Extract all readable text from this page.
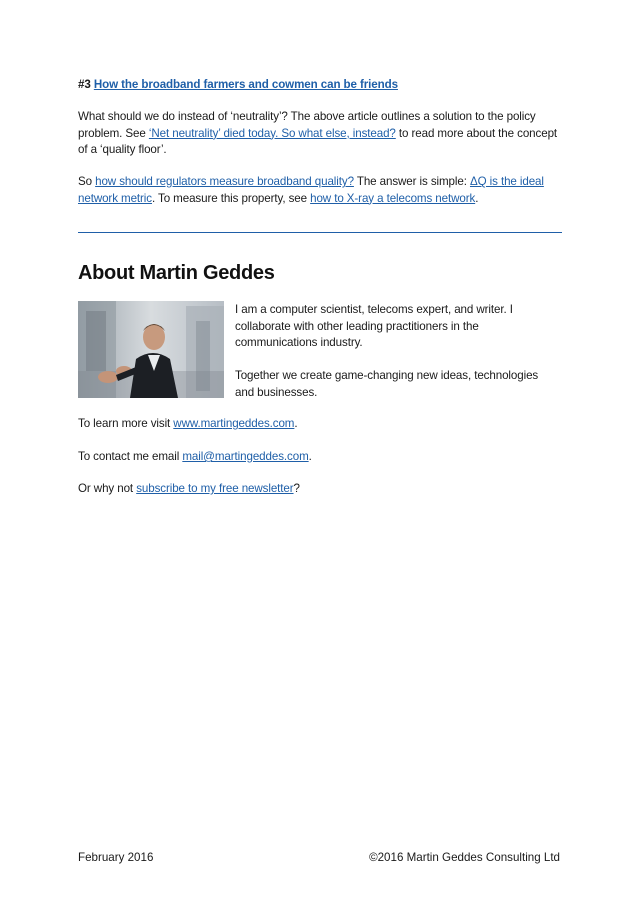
#3 How the broadband farmers and cowmen can be friends

What should we do instead of ‘neutrality’? The above article outlines a solution to the policy problem. See ‘Net neutrality’ died today. So what else, instead? to read more about the concept of a ‘quality floor’.

So how should regulators measure broadband quality? The answer is simple: ΔQ is the ideal network metric. To measure this property, see how to X-ray a telecoms network.

About Martin Geddes

I am a computer scientist, telecoms expert, and writer. I collaborate with other leading practitioners in the communications industry.

Together we create game-changing new ideas, technologies and businesses.

To learn more visit www.martingeddes.com.

To contact me email mail@martingeddes.com.

Or why not subscribe to my free newsletter?

February 2016	©2016 Martin Geddes Consulting Ltd
